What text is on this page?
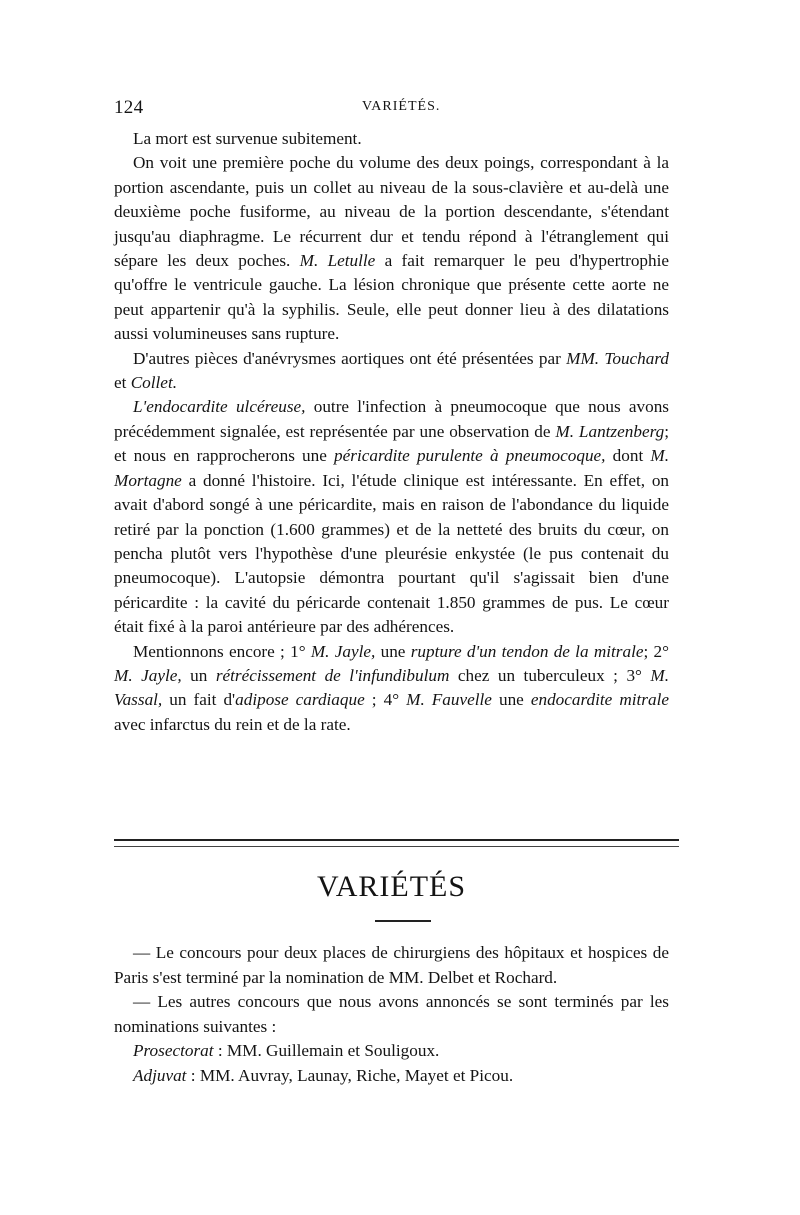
124	VARIÉTÉS.

La mort est survenue subitement.

On voit une première poche du volume des deux poings, correspondant à la portion ascendante, puis un collet au niveau de la sous-clavière et au-delà une deuxième poche fusiforme, au niveau de la portion descendante, s'étendant jusqu'au diaphragme. Le récurrent dur et tendu répond à l'étranglement qui sépare les deux poches. M. Letulle a fait remarquer le peu d'hypertrophie qu'offre le ventricule gauche. La lésion chronique que présente cette aorte ne peut appartenir qu'à la syphilis. Seule, elle peut donner lieu à des dilatations aussi volumineuses sans rupture.

D'autres pièces d'anévrysmes aortiques ont été présentées par MM. Touchard et Collet.

L'endocardite ulcéreuse, outre l'infection à pneumocoque que nous avons précédemment signalée, est représentée par une observation de M. Lantzenberg; et nous en rapprocherons une péricardite purulente à pneumocoque, dont M. Mortagne a donné l'histoire. Ici, l'étude clinique est intéressante. En effet, on avait d'abord songé à une péricardite, mais en raison de l'abondance du liquide retiré par la ponction (1.600 grammes) et de la netteté des bruits du cœur, on pencha plutôt vers l'hypothèse d'une pleurésie enkystée (le pus contenait du pneumocoque). L'autopsie démontra pourtant qu'il s'agissait bien d'une péricardite : la cavité du péricarde contenait 1.850 grammes de pus. Le cœur était fixé à la paroi antérieure par des adhérences.

Mentionnons encore ; 1° M. Jayle, une rupture d'un tendon de la mitrale; 2° M. Jayle, un rétrécissement de l'infundibulum chez un tuberculeux ; 3° M. Vassal, un fait d'adipose cardiaque ; 4° M. Fauvelle une endocardite mitrale avec infarctus du rein et de la rate.

VARIÉTÉS

— Le concours pour deux places de chirurgiens des hôpitaux et hospices de Paris s'est terminé par la nomination de MM. Delbet et Rochard.

— Les autres concours que nous avons annoncés se sont terminés par les nominations suivantes :

Prosectorat : MM. Guillemain et Souligoux.

Adjuvat : MM. Auvray, Launay, Riche, Mayet et Picou.
